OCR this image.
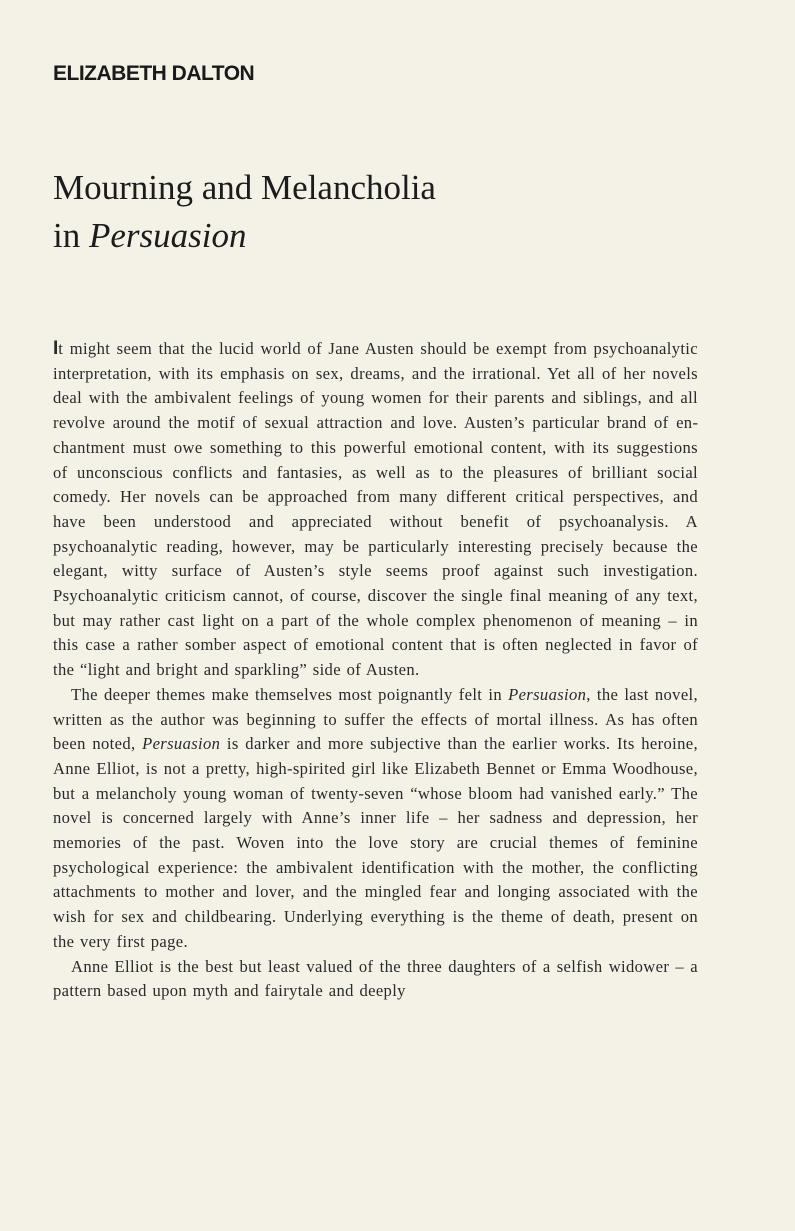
ELIZABETH DALTON
Mourning and Melancholia
in Persuasion

It might seem that the lucid world of Jane Austen should be exempt from psychoanalytic interpretation, with its emphasis on sex, dreams, and the irrational. Yet all of her novels deal with the ambivalent feelings of young women for their parents and siblings, and all revolve around the motif of sexual attraction and love. Austen’s particular brand of enchantment must owe something to this powerful emotional content, with its suggestions of unconscious conflicts and fantasies, as well as to the pleasures of brilliant social comedy. Her novels can be approached from many different critical perspectives, and have been understood and appreciated without benefit of psychoanalysis. A psychoanalytic reading, however, may be particularly interesting precisely because the elegant, witty surface of Austen’s style seems proof against such investigation. Psychoanalytic criticism cannot, of course, discover the single final meaning of any text, but may rather cast light on a part of the whole complex phenomenon of meaning – in this case a rather somber aspect of emotional content that is often neglected in favor of the “light and bright and sparkling” side of Austen.

The deeper themes make themselves most poignantly felt in Persuasion, the last novel, written as the author was beginning to suffer the effects of mortal illness. As has often been noted, Persuasion is darker and more subjective than the earlier works. Its heroine, Anne Elliot, is not a pretty, high-spirited girl like Elizabeth Bennet or Emma Woodhouse, but a melancholy young woman of twenty-seven “whose bloom had vanished early.” The novel is concerned largely with Anne’s inner life – her sadness and depression, her memories of the past. Woven into the love story are crucial themes of feminine psychological experience: the ambivalent identification with the mother, the conflicting attachments to mother and lover, and the mingled fear and longing associated with the wish for sex and childbearing. Underlying everything is the theme of death, present on the very first page.

Anne Elliot is the best but least valued of the three daughters of a selfish widower – a pattern based upon myth and fairytale and deeply
